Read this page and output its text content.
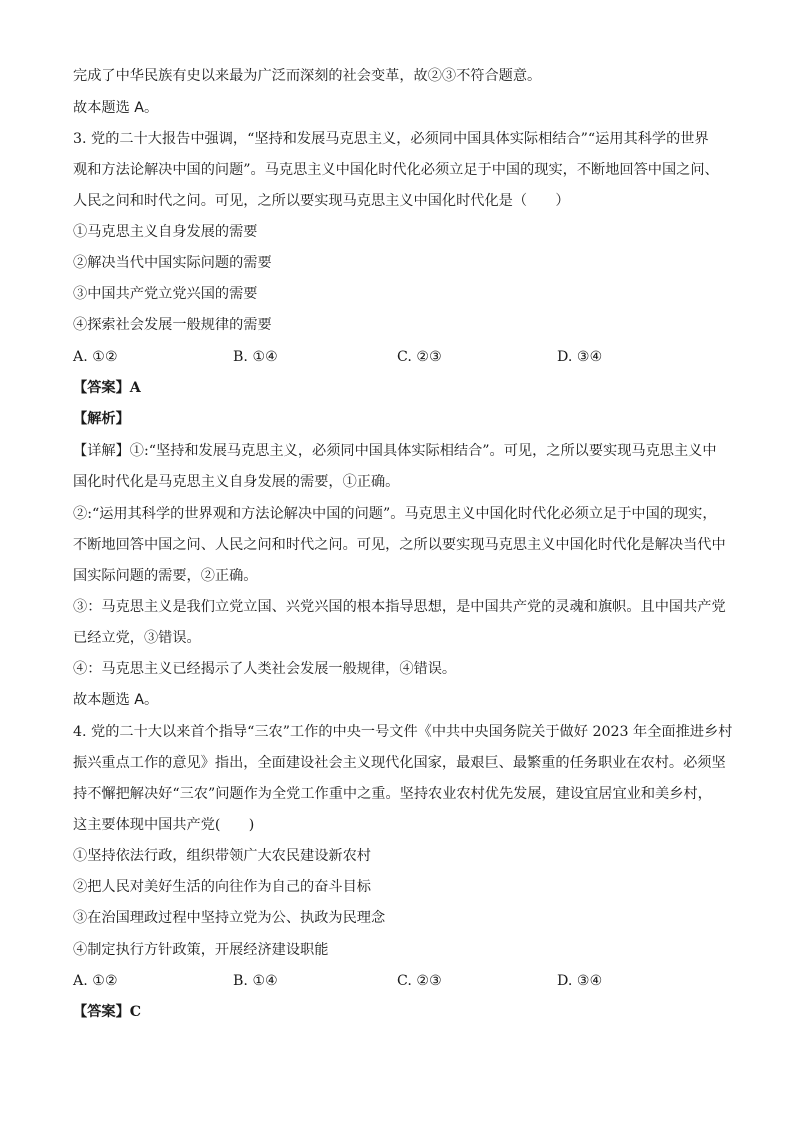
完成了中华民族有史以来最为广泛而深刻的社会变革，故②③不符合题意。
故本题选 A。
3. 党的二十大报告中强调，“坚持和发展马克思主义，必须同中国具体实际相结合”“运用其科学的世界
观和方法论解决中国的问题”。马克思主义中国化时代化必须立足于中国的现实，不断地回答中国之问、
人民之问和时代之问。可见，之所以要实现马克思主义中国化时代化是（　　）
①马克思主义自身发展的需要
②解决当代中国实际问题的需要
③中国共产党立党兴国的需要
④探索社会发展一般规律的需要
A. ①②	B. ①④	C. ②③	D. ③④
【答案】A
【解析】
【详解】①:“坚持和发展马克思主义，必须同中国具体实际相结合”。可见，之所以要实现马克思主义中
国化时代化是马克思主义自身发展的需要，①正确。
②:“运用其科学的世界观和方法论解决中国的问题”。马克思主义中国化时代化必须立足于中国的现实，
不断地回答中国之问、人民之问和时代之问。可见，之所以要实现马克思主义中国化时代化是解决当代中
国实际问题的需要，②正确。
③：马克思主义是我们立党立国、兴党兴国的根本指导思想，是中国共产党的灵魂和旗帜。且中国共产党
已经立党，③错误。
④：马克思主义已经揭示了人类社会发展一般规律，④错误。
故本题选 A。
4. 党的二十大以来首个指导“三农”工作的中央一号文件《中共中央国务院关于做好 2023 年全面推进乡村
振兴重点工作的意见》指出，全面建设社会主义现代化国家，最艰巨、最繁重的任务职业在农村。必须坚
持不懈把解决好“三农”问题作为全党工作重中之重。坚持农业农村优先发展，建设宜居宜业和美乡村，
这主要体现中国共产党(　　)
①坚持依法行政，组织带领广大农民建设新农村
②把人民对美好生活的向往作为自己的奋斗目标
③在治国理政过程中坚持立党为公、执政为民理念
④制定执行方针政策，开展经济建设职能
A. ①②	B. ①④	C. ②③	D. ③④
【答案】C
